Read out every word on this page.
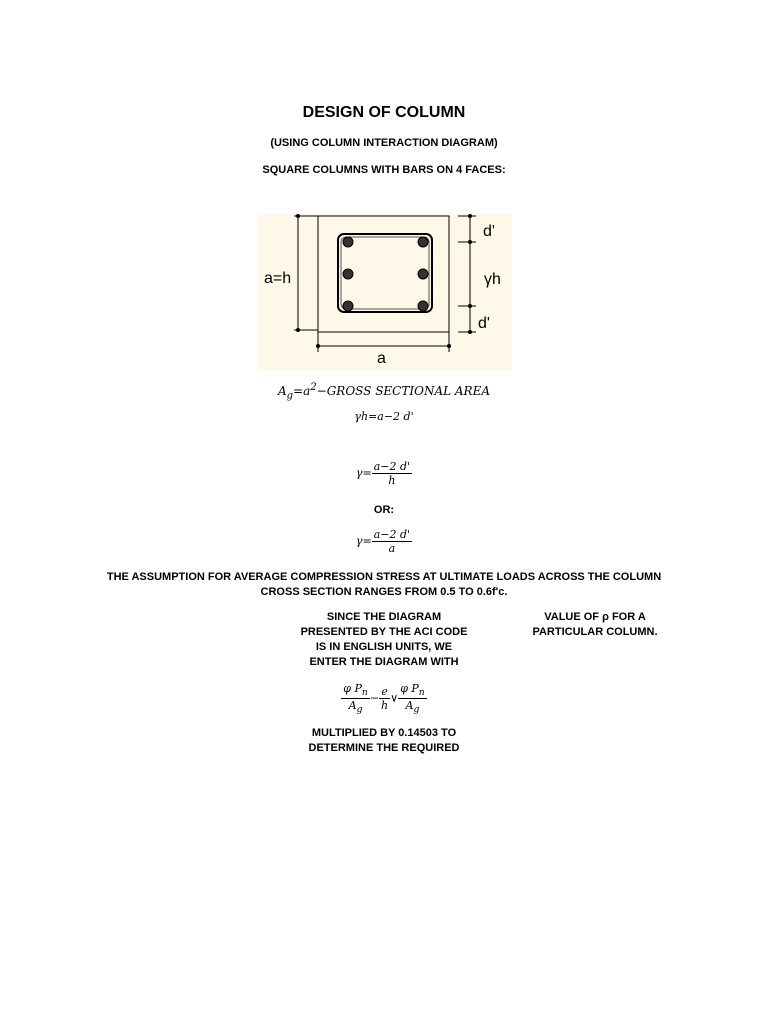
DESIGN OF COLUMN
(USING COLUMN INTERACTION DIAGRAM)
SQUARE COLUMNS WITH BARS ON 4 FACES:
a=h
d'
γh
d'
a
$A_g=a^2-GROSS$ SECTIONAL AREA
γh=a−2 d'
$\gamma= \frac{a-2 d'}{h}$
OR:
$\gamma= \frac{a-2 d'}{a}$
THE ASSUMPTION FOR AVERAGE COMPRESSION STRESS AT ULTIMATE LOADS ACROSS THE COLUMN
CROSS SECTION RANGES FROM 0.5 TO 0.6f'c.
SINCE THE DIAGRAM
PRESENTED BY THE ACI CODE
IS IN ENGLISH UNITS, WE
ENTER THE DIAGRAM WITH
VALUE OF ρ FOR A
PARTICULAR COLUMN.
$\frac{\varphi P_n}{A_g} - \frac{e}{h}$ ∨ $\frac{\varphi P_n}{A_g}$
MULTIPLIED BY 0.14503 TO
DETERMINE THE REQUIRED
